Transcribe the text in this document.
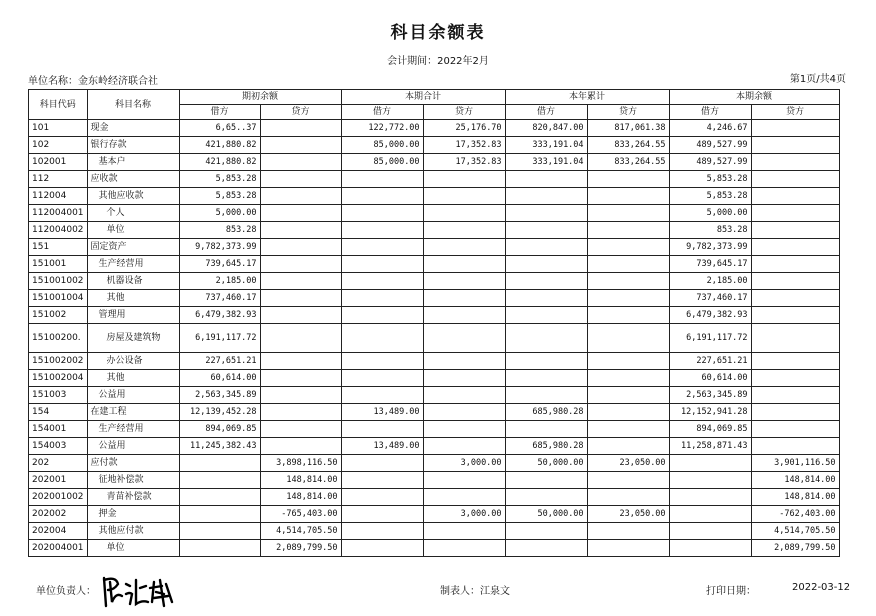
科目余额表
会计期间：2022年2月
单位名称：金东岭经济联合社	第1页/共4页
科目代码	科目名称	期初余额		本期合计		本年累计		本期余额	
		借方	贷方	借方	贷方	借方	贷方	借方	贷方
101	现金	6,65..37		122,772.00	25,176.70	820,847.00	817,061.38	4,246.67	
102	银行存款	421,880.82		85,000.00	17,352.83	333,191.04	833,264.55	489,527.99	
102001	基本户	421,880.82		85,000.00	17,352.83	333,191.04	833,264.55	489,527.99	
112	应收款	5,853.28						5,853.28	
112004	其他应收款	5,853.28						5,853.28	
112004001	个人	5,000.00						5,000.00	
112004002	单位	853.28						853.28	
151	固定资产	9,782,373.99						9,782,373.99	
151001	生产经营用	739,645.17						739,645.17	
151001002	机器设备	2,185.00						2,185.00	
151001004	其他	737,460.17						737,460.17	
151002	管理用	6,479,382.93						6,479,382.93	
15100200.	房屋及建筑物	6,191,117.72						6,191,117.72	
151002002	办公设备	227,651.21						227,651.21	
151002004	其他	60,614.00						60,614.00	
151003	公益用	2,563,345.89						2,563,345.89	
154	在建工程	12,139,452.28		13,489.00		685,980.28		12,152,941.28	
154001	生产经营用	894,069.85						894,069.85	
154003	公益用	11,245,382.43		13,489.00		685,980.28		11,258,871.43	
202	应付款		3,898,116.50		3,000.00	50,000.00	23,050.00		3,901,116.50
202001	征地补偿款		148,814.00						148,814.00
202001002	青苗补偿款		148,814.00						148,814.00
202002	押金		-765,403.00		3,000.00	50,000.00	23,050.00		-762,403.00
202004	其他应付款		4,514,705.50						4,514,705.50
202004001	单位		2,089,799.50						2,089,799.50
单位负责人：	制表人：江泉文	打印日期：	2022-03-12
